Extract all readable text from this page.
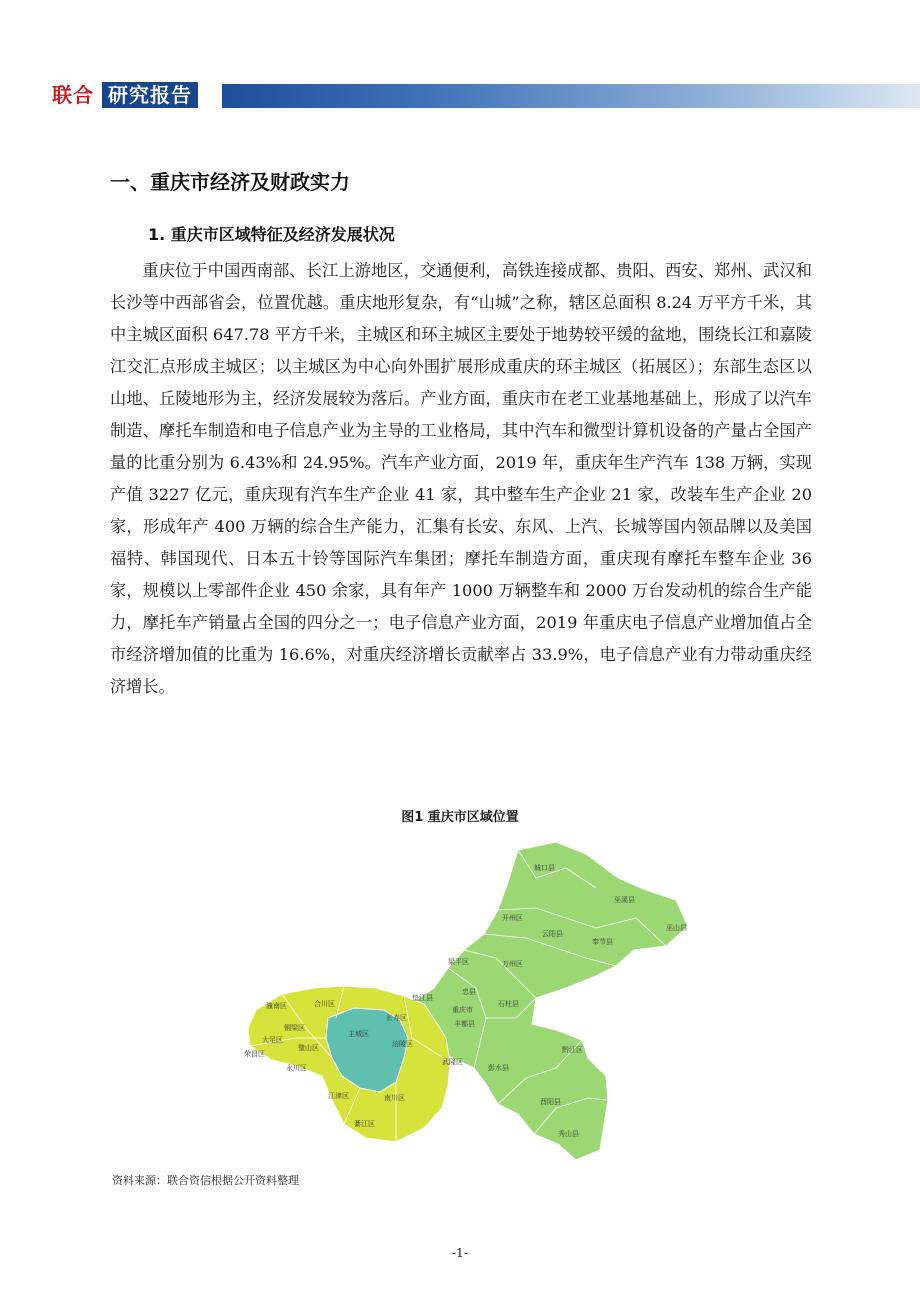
联合 研究报告
一、重庆市经济及财政实力
1. 重庆市区域特征及经济发展状况

重庆位于中国西南部、长江上游地区，交通便利，高铁连接成都、贵阳、西安、郑州、武汉和长沙等中西部省会，位置优越。重庆地形复杂，有“山城”之称，辖区总面积 8.24 万平方千米，其中主城区面积 647.78 平方千米，主城区和环主城区主要处于地势较平缓的盆地，围绕长江和嘉陵江交汇点形成主城区；以主城区为中心向外围扩展形成重庆的环主城区（拓展区）；东部生态区以山地、丘陵地形为主，经济发展较为落后。产业方面，重庆市在老工业基地基础上，形成了以汽车制造、摩托车制造和电子信息产业为主导的工业格局，其中汽车和微型计算机设备的产量占全国产量的比重分别为 6.43%和 24.95%。汽车产业方面，2019 年，重庆年生产汽车 138 万辆，实现产值 3227 亿元，重庆现有汽车生产企业 41 家，其中整车生产企业 21 家，改装车生产企业 20 家，形成年产 400 万辆的综合生产能力，汇集有长安、东风、上汽、长城等国内领品牌以及美国福特、韩国现代、日本五十铃等国际汽车集团；摩托车制造方面，重庆现有摩托车整车企业 36 家，规模以上零部件企业 450 余家，具有年产 1000 万辆整车和 2000 万台发动机的综合生产能力，摩托车产销量占全国的四分之一；电子信息产业方面，2019 年重庆电子信息产业增加值占全市经济增加值的比重为 16.6%，对重庆经济增长贡献率占 33.9%，电子信息产业有力带动重庆经济增长。

图1 重庆市区域位置
主城区
潼南区	合川区
铜梁区
大足区
璧山区
荣昌区
永川区
江津区
綦江区
南川区
涪陵区
长寿区
城口县
巫溪县
开州区
巫山县
云阳县
奉节县
万州区
梁平区
垫江县
忠县
石柱县
丰都县
重庆市
武隆区
彭水县
黔江区
酉阳县
秀山县
资料来源：联合资信根据公开资料整理
-1-
